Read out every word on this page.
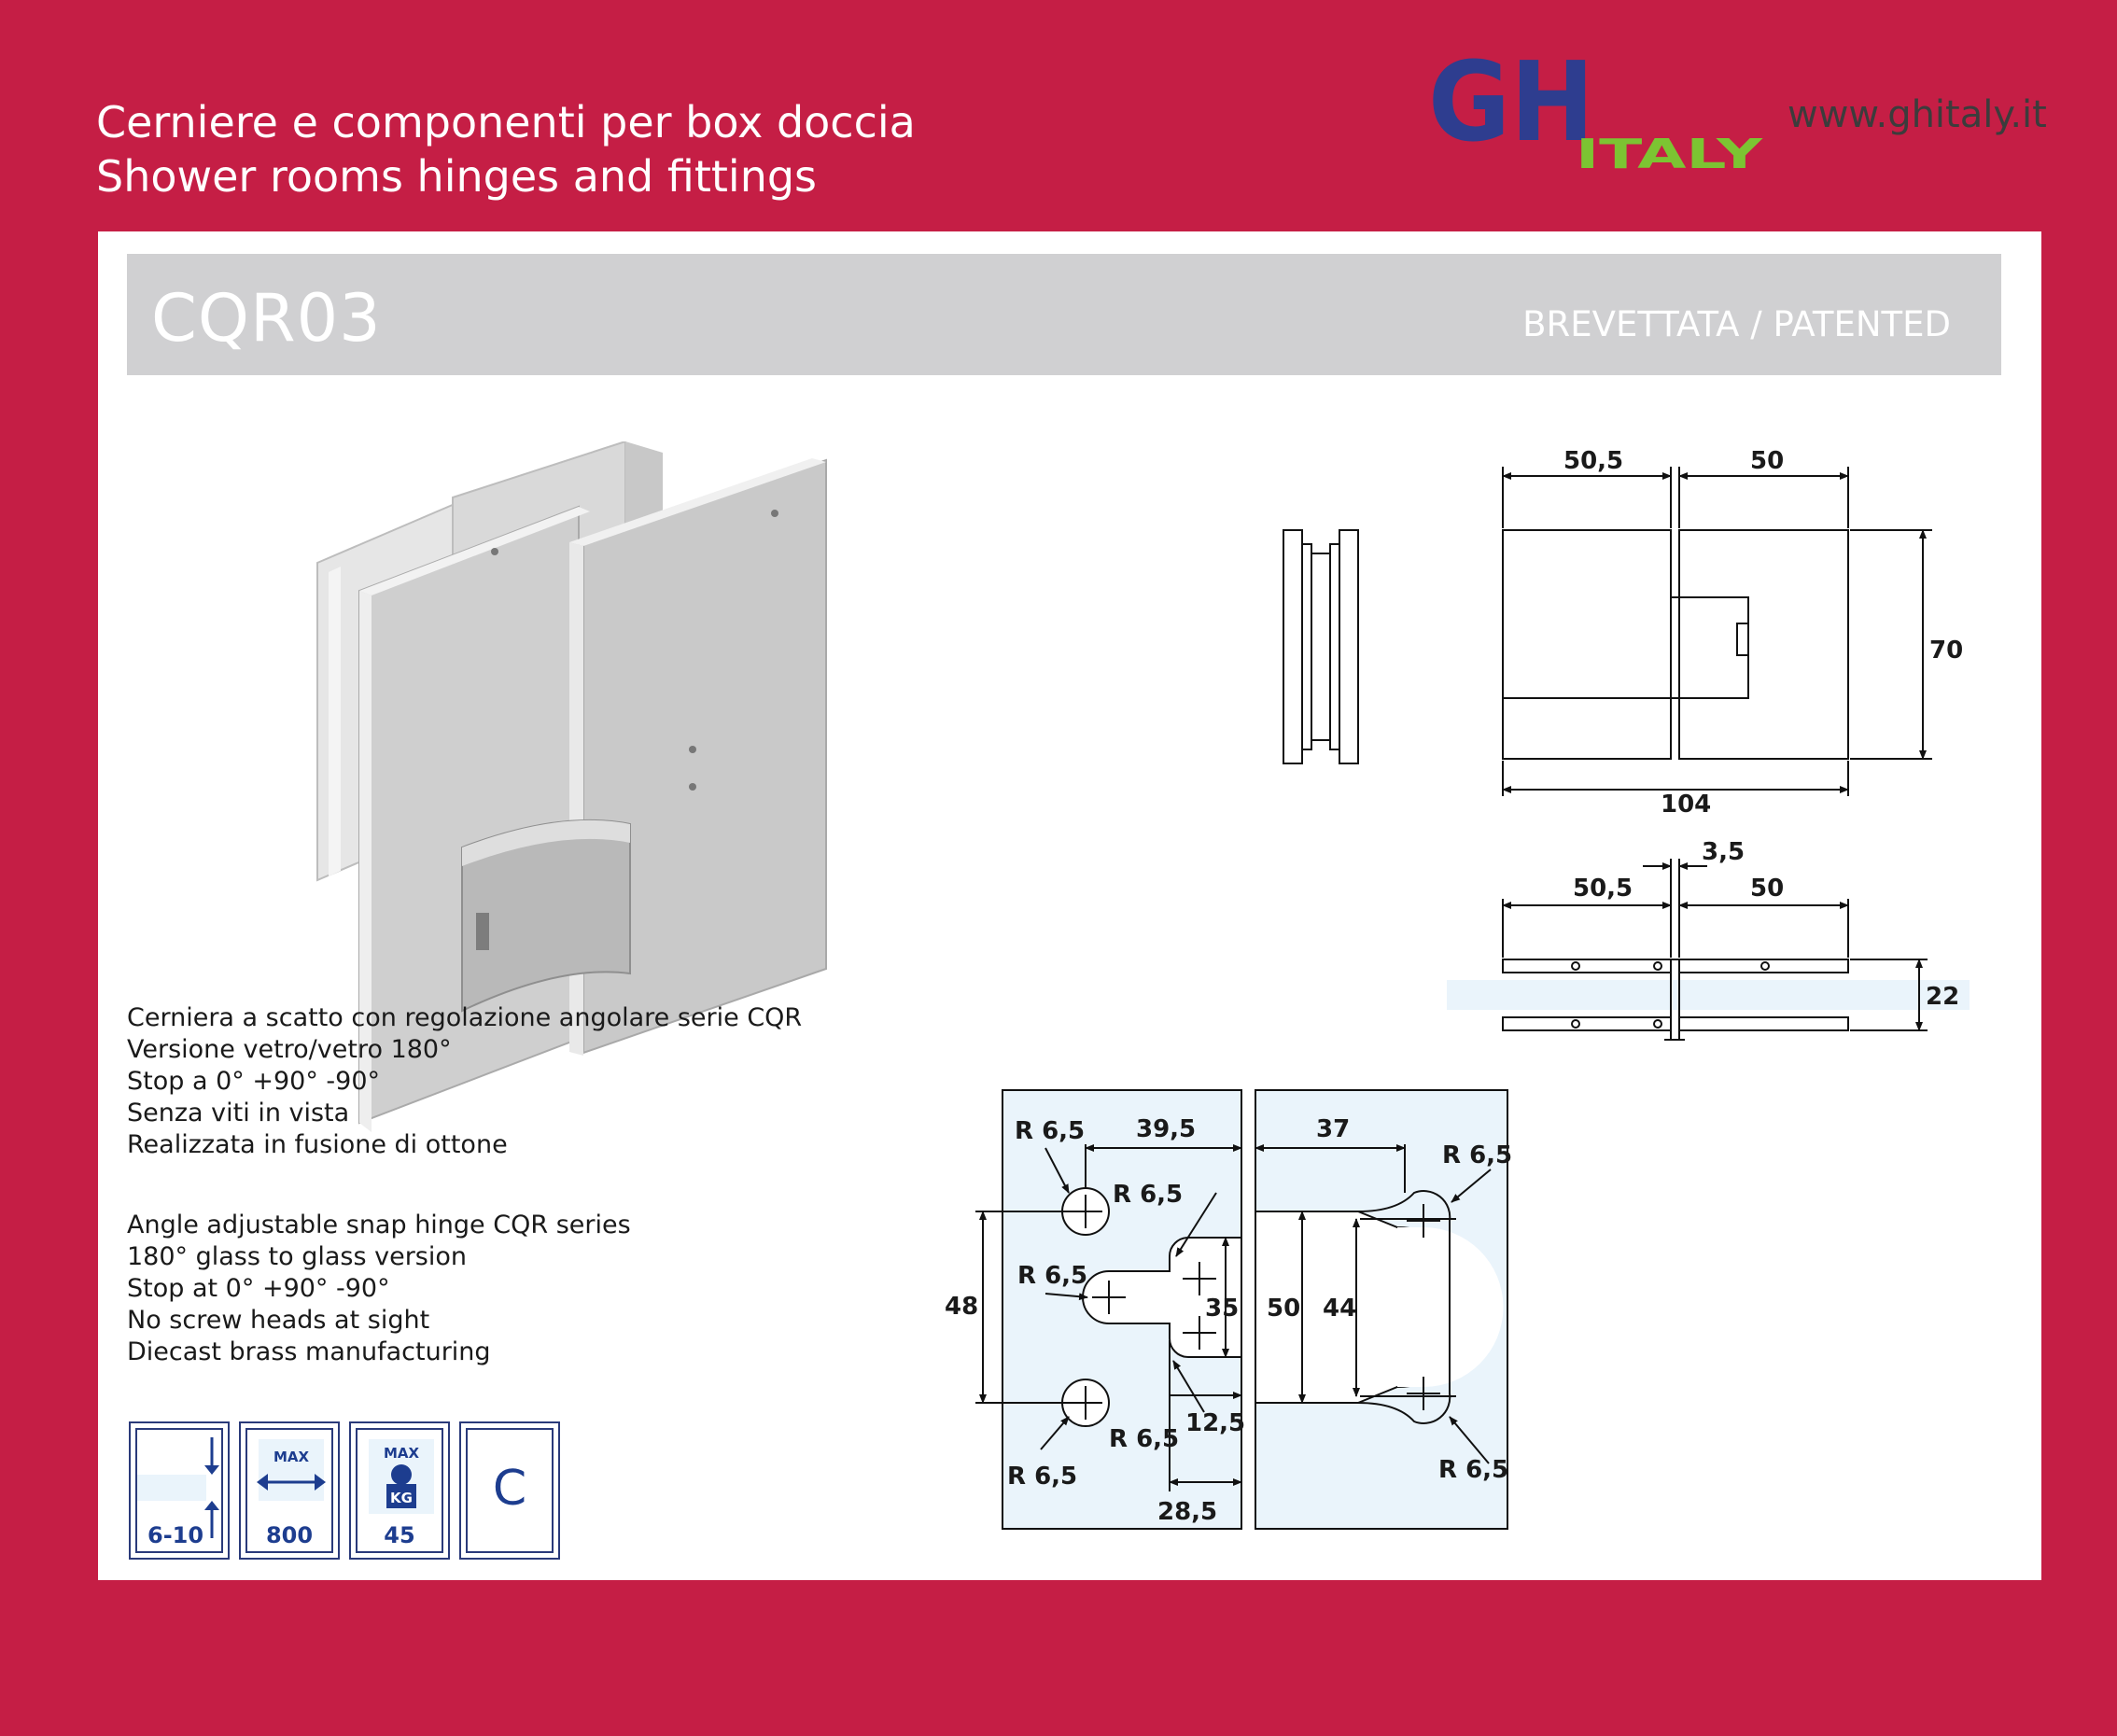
Cerniere e componenti per box doccia
Shower rooms hinges and fittings
GH
ITALY
www.ghitaly.it
CQR03	BREVETTATA / PATENTED
50,5	50
70
104
50,5
3,5
50
22
R 6,5 39,5
R 6,5
R 6,5
48	35
12,5
R 6,5
R 6,5
28,5
37
R 6,5
50 44
R 6,5
Cerniera a scatto con regolazione angolare serie CQR
Versione vetro/vetro 180°
Stop a 0° +90° -90°
Senza viti in vista
Realizzata in fusione di ottone
Angle adjustable snap hinge CQR series
180° glass to glass version
Stop at 0° +90° -90°
No screw heads at sight
Diecast brass manufacturing
6-10
MAX
800
MAX
KG
45
C
